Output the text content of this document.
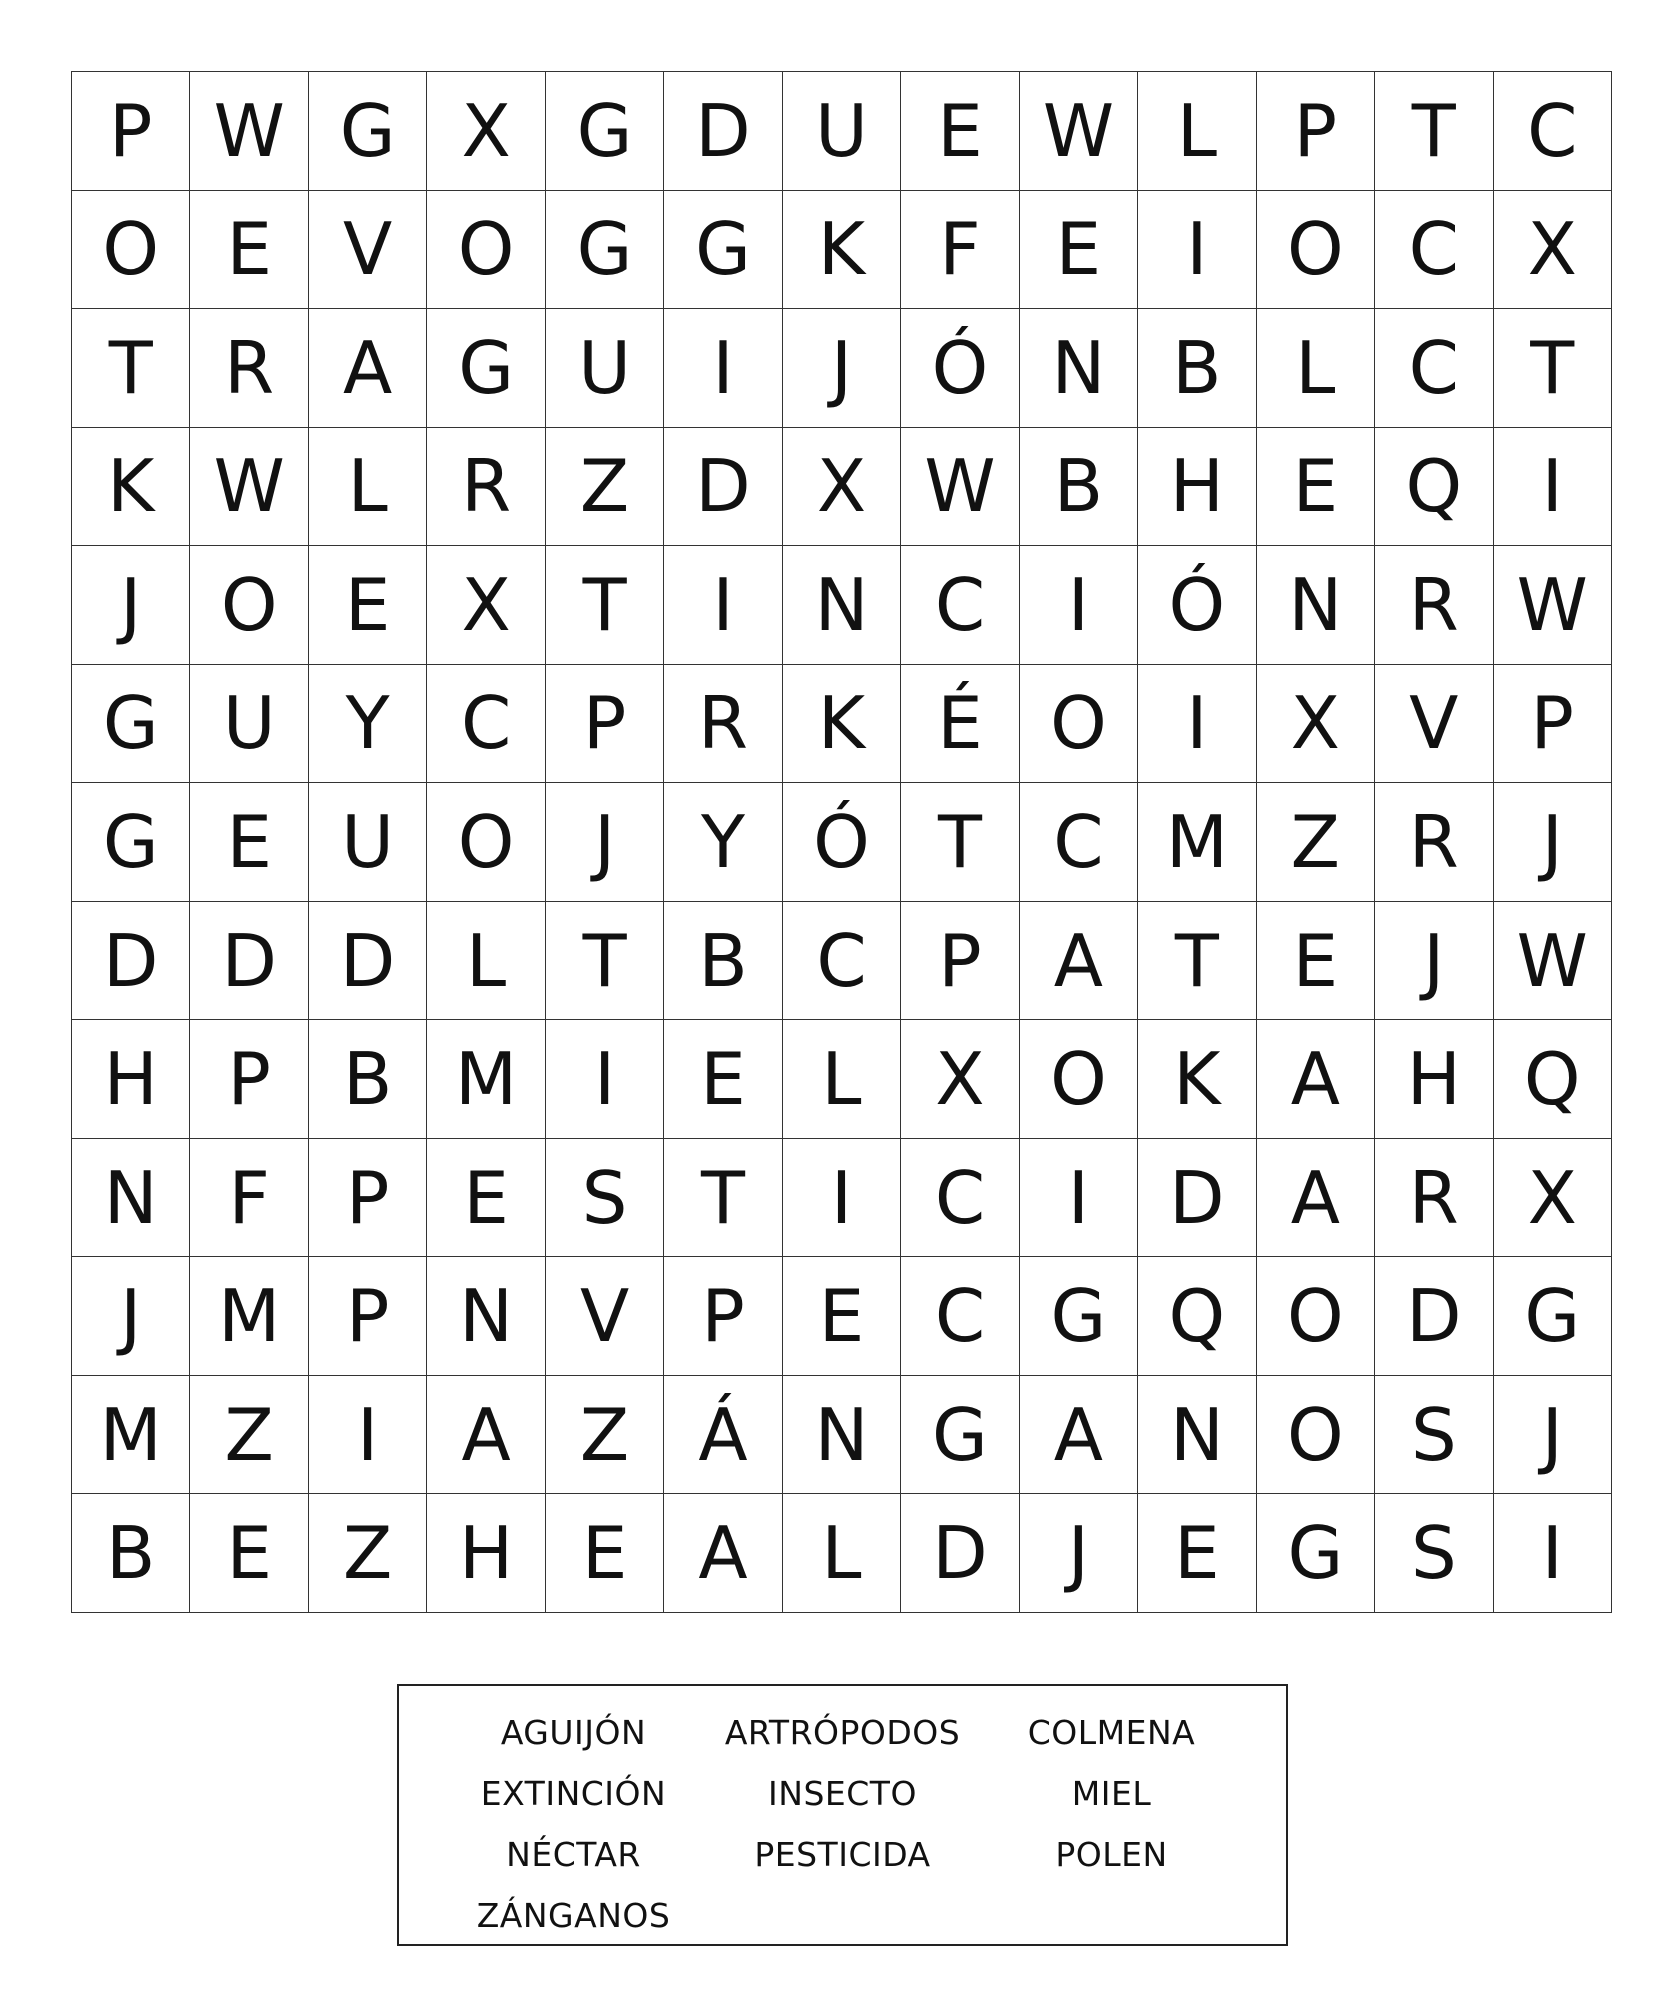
P W G X G D U E W L	P	T C
O E V O G G K	F	E	I	O C X
T R A G U	I	J	Ó N B	L	C T
K W L	R Z D X W B H E Q	I
J	O E X T	I	N C	I	Ó N R W
G U Y C P R K	É O	I	X V	P
G E U O	J	Y Ó T C M Z R	J
D D D L	T B C P	A T	E	J	W
H P	B M	I	E	L	X O K A H Q
N F	P	E	S	T	I	C	I	D A R X
J	M P N V	P	E C G Q O D G
M Z	I	A Z Á N G A N O S	J
B E Z H E A	L D	J	E G S	I
AGUIJÓN	ARTRÓPODOS	COLMENA
EXTINCIÓN	INSECTO	MIEL
NÉCTAR	PESTICIDA	POLEN
ZÁNGANOS
